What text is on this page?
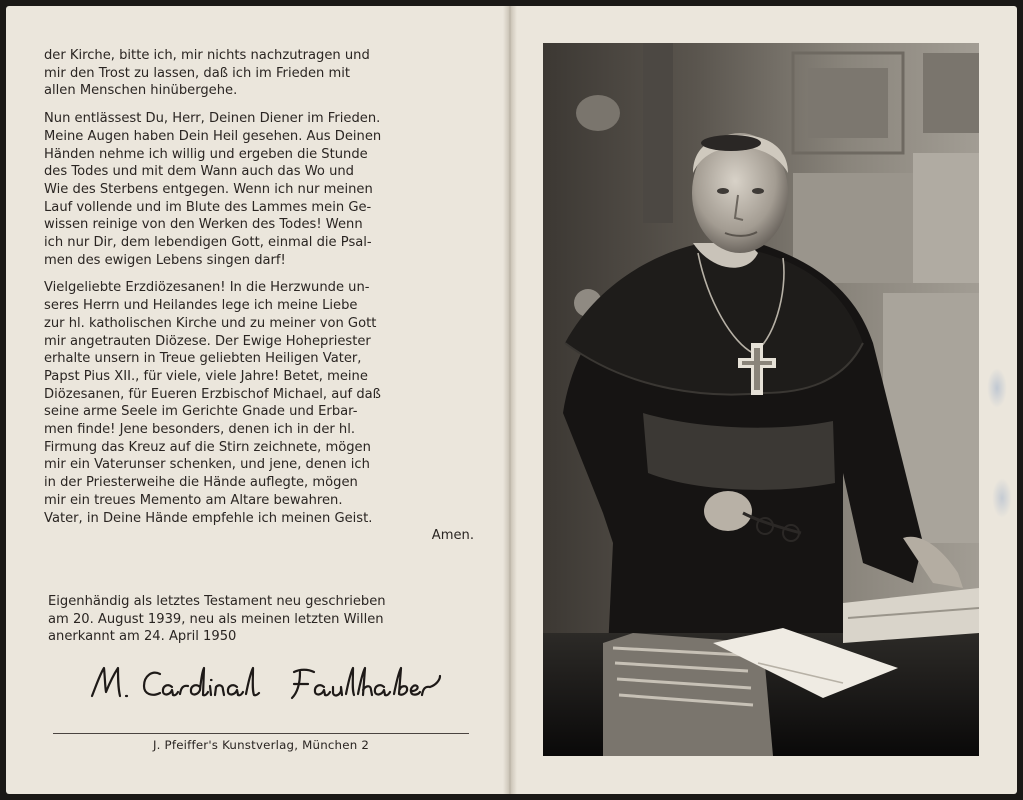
der Kirche, bitte ich, mir nichts nachzutragen und
mir den Trost zu lassen, daß ich im Frieden mit
allen Menschen hinübergehe.

Nun entlässest Du, Herr, Deinen Diener im Frieden.
Meine Augen haben Dein Heil gesehen. Aus Deinen
Händen nehme ich willig und ergeben die Stunde
des Todes und mit dem Wann auch das Wo und
Wie des Sterbens entgegen. Wenn ich nur meinen
Lauf vollende und im Blute des Lammes mein Ge-
wissen reinige von den Werken des Todes! Wenn
ich nur Dir, dem lebendigen Gott, einmal die Psal-
men des ewigen Lebens singen darf!

Vielgeliebte Erzdiözesanen! In die Herzwunde un-
seres Herrn und Heilandes lege ich meine Liebe
zur hl. katholischen Kirche und zu meiner von Gott
mir angetrauten Diözese. Der Ewige Hohepriester
erhalte unsern in Treue geliebten Heiligen Vater,
Papst Pius XII., für viele, viele Jahre! Betet, meine
Diözesanen, für Eueren Erzbischof Michael, auf daß
seine arme Seele im Gerichte Gnade und Erbar-
men finde! Jene besonders, denen ich in der hl.
Firmung das Kreuz auf die Stirn zeichnete, mögen
mir ein Vaterunser schenken, und jene, denen ich
in der Priesterweihe die Hände auflegte, mögen
mir ein treues Memento am Altare bewahren.
Vater, in Deine Hände empfehle ich meinen Geist.
Amen.

Eigenhändig als letztes Testament neu geschrieben
am 20. August 1939, neu als meinen letzten Willen
anerkannt am 24. April 1950
J. Pfeiffer's Kunstverlag, München 2
